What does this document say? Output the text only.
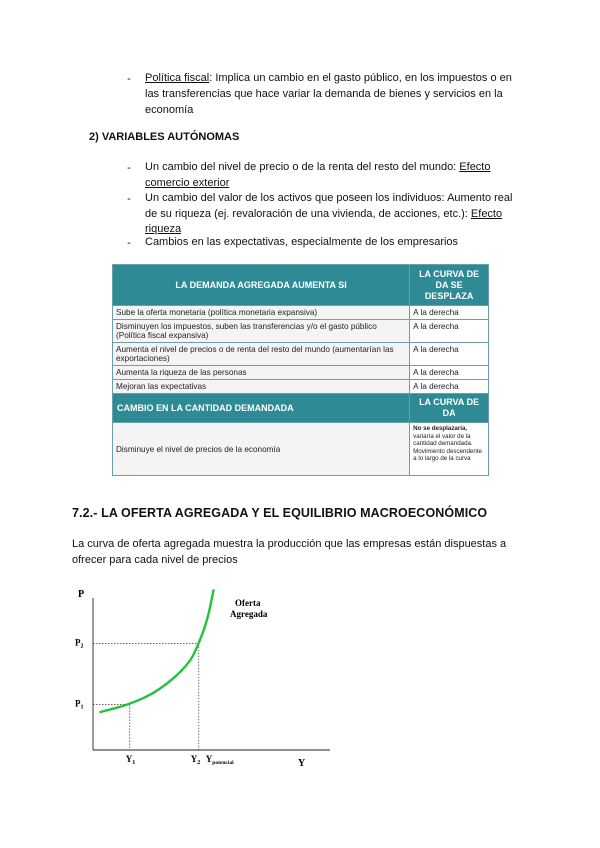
- Política fiscal: Implica un cambio en el gasto público, en los impuestos o en
las transferencias que hace variar la demanda de bienes y servicios en la
economía
2) VARIABLES AUTÓNOMAS
- Un cambio del nivel de precio o de la renta del resto del mundo: Efecto
comercio exterior
- Un cambio del valor de los activos que poseen los individuos: Aumento real
de su riqueza (ej. revaloración de una vivienda, de acciones, etc.): Efecto
riqueza
- Cambios en las expectativas, especialmente de los empresarios
LA DEMANDA AGREGADA AUMENTA SI	LA CURVA DE DA SE DESPLAZA
Sube la oferta monetaria (política monetaria expansiva)	A la derecha
Disminuyen los impuestos, suben las transferencias y/o el gasto público (Política fiscal expansiva)	A la derecha
Aumenta el nivel de precios o de renta del resto del mundo (aumentarían las exportaciones)	A la derecha
Aumenta la riqueza de las personas	A la derecha
Mejoran las expectativas	A la derecha
CAMBIO EN LA CANTIDAD DEMANDADA	LA CURVA DE DA
Disminuye el nivel de precios de la economía	No se desplazaría, variaría el valor de la cantidad demandada. Movimiento descendente a lo largo de la curva
7.2.- LA OFERTA AGREGADA Y EL EQUILIBRIO MACROECONÓMICO
La curva de oferta agregada muestra la producción que las empresas están dispuestas a
ofrecer para cada nivel de precios
P
Y
Oferta
Agregada
$P_1$
$P_2$
$Y_1$	$Y_2$ $Y_{potencial}$
